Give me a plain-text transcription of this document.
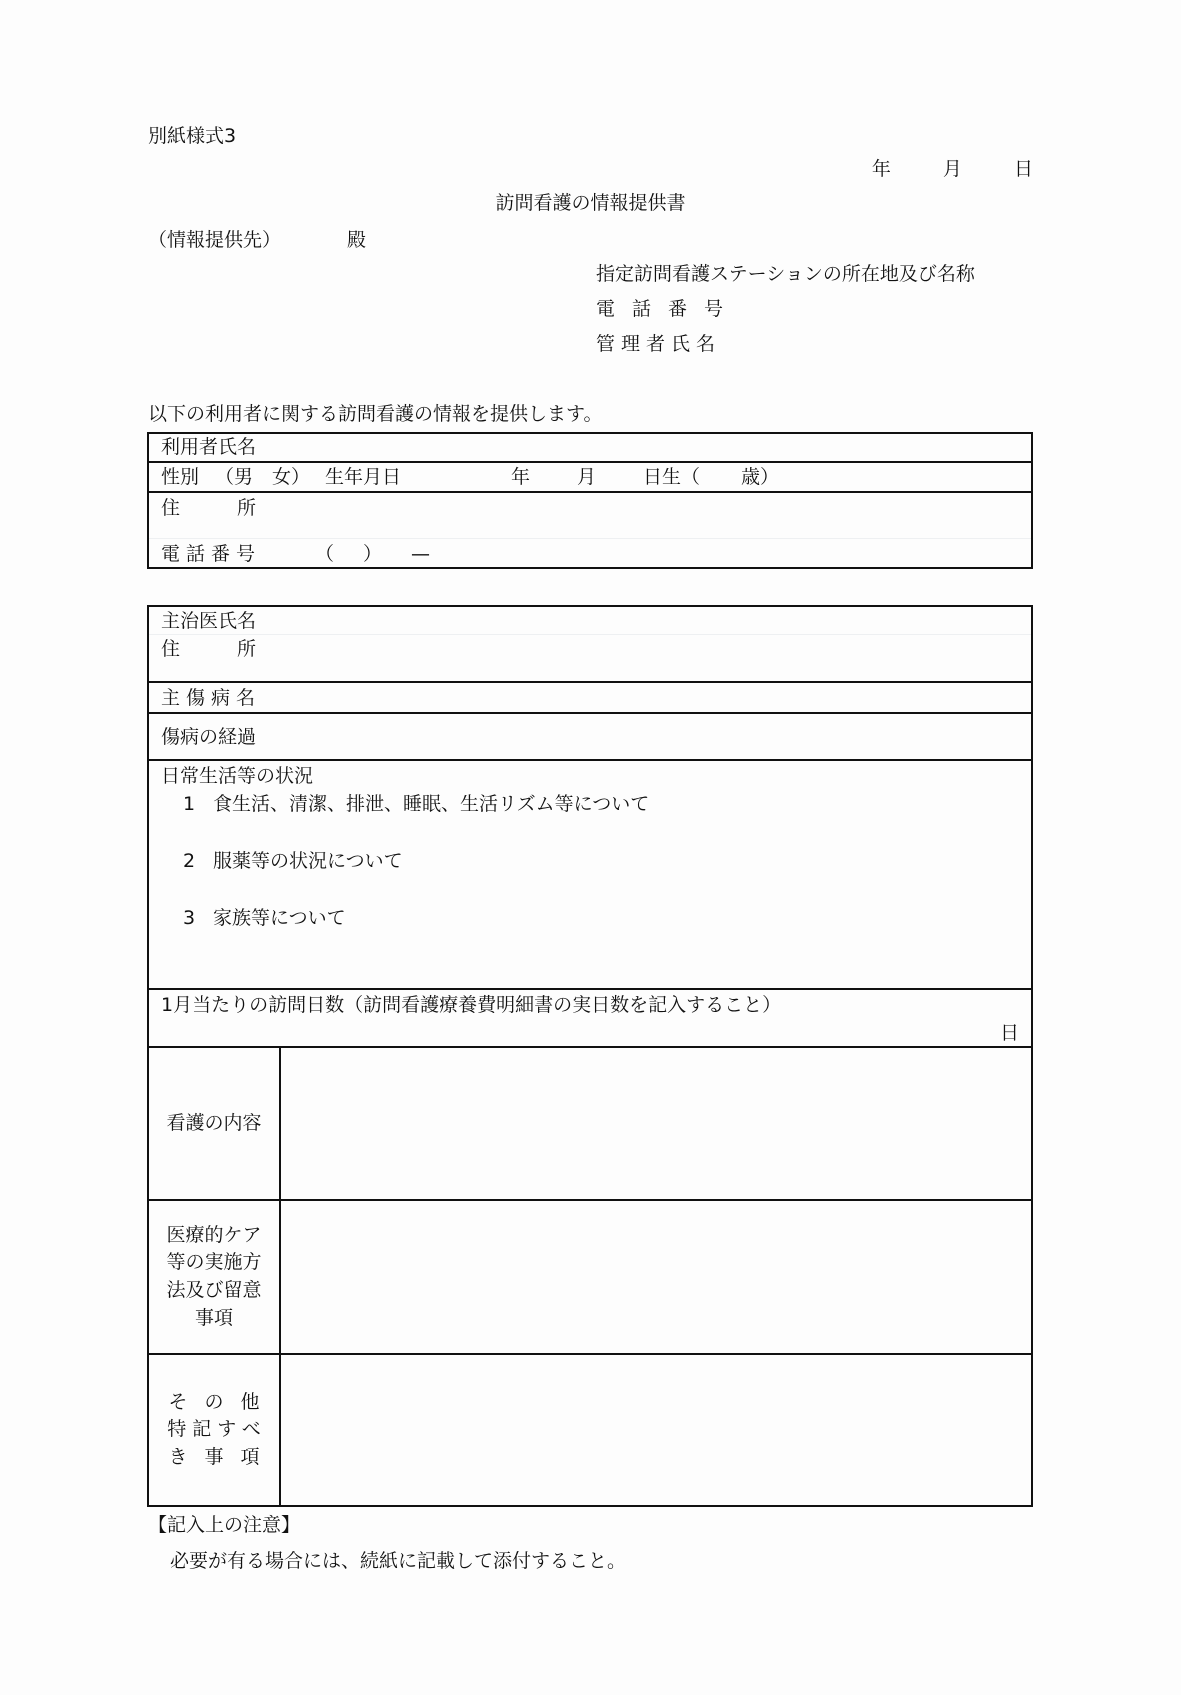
別紙様式3
年	月	日
訪問看護の情報提供書
（情報提供先）	殿
指定訪問看護ステーションの所在地及び名称
電話番号
管理者氏名
以下の利用者に関する訪問看護の情報を提供します。
利用者氏名
性別 （男　女） 生年月日	年 月 日生（ 歳）
住	所
電話番号	（ ） —
主治医氏名
住	所
主傷病名
傷病の経過
日常生活等の状況
1 食生活、清潔、排泄、睡眠、生活リズム等について
2 服薬等の状況について
3 家族等について
1月当たりの訪問日数（訪問看護療養費明細書の実日数を記入すること）
日
看護の内容
医療的ケア
等の実施方
法及び留意
事項
その他
特記すべ
き事項
【記入上の注意】
必要が有る場合には、続紙に記載して添付すること。
